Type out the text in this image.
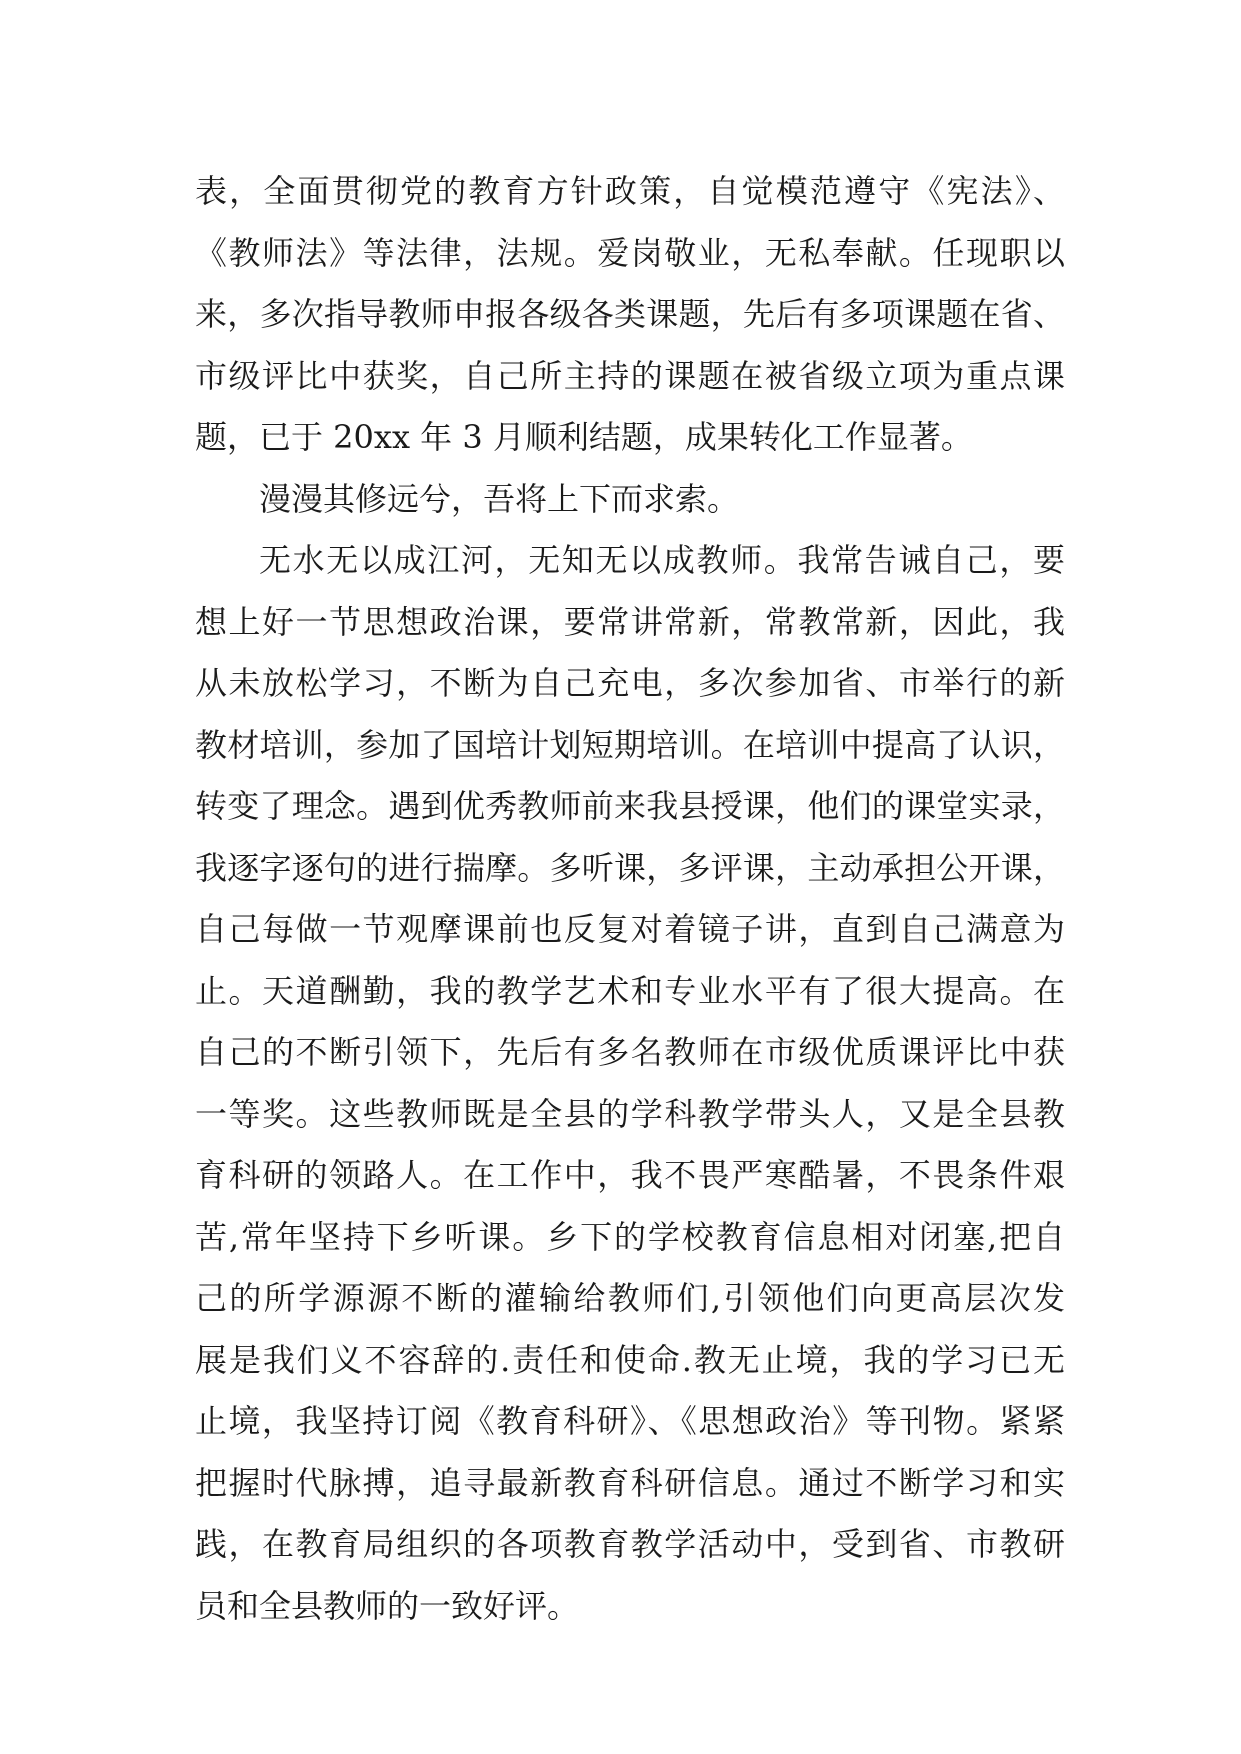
表，全面贯彻党的教育方针政策，自觉模范遵守《宪法》、
《教师法》等法律，法规。爱岗敬业，无私奉献。任现职以
来，多次指导教师申报各级各类课题，先后有多项课题在省、
市级评比中获奖，自己所主持的课题在被省级立项为重点课
题，已于 20xx 年 3 月顺利结题，成果转化工作显著。
漫漫其修远兮，吾将上下而求索。
无水无以成江河，无知无以成教师。我常告诫自己，要
想上好一节思想政治课，要常讲常新，常教常新，因此，我
从未放松学习，不断为自己充电，多次参加省、市举行的新
教材培训，参加了国培计划短期培训。在培训中提高了认识，
转变了理念。遇到优秀教师前来我县授课，他们的课堂实录，
我逐字逐句的进行揣摩。多听课，多评课，主动承担公开课，
自己每做一节观摩课前也反复对着镜子讲，直到自己满意为
止。天道酬勤，我的教学艺术和专业水平有了很大提高。在
自己的不断引领下，先后有多名教师在市级优质课评比中获
一等奖。这些教师既是全县的学科教学带头人，又是全县教
育科研的领路人。在工作中，我不畏严寒酷暑，不畏条件艰
苦,常年坚持下乡听课。乡下的学校教育信息相对闭塞,把自
己的所学源源不断的灌输给教师们,引领他们向更高层次发
展是我们义不容辞的.责任和使命.教无止境，我的学习已无
止境，我坚持订阅《教育科研》、《思想政治》等刊物。紧紧
把握时代脉搏，追寻最新教育科研信息。通过不断学习和实
践，在教育局组织的各项教育教学活动中，受到省、市教研
员和全县教师的一致好评。
